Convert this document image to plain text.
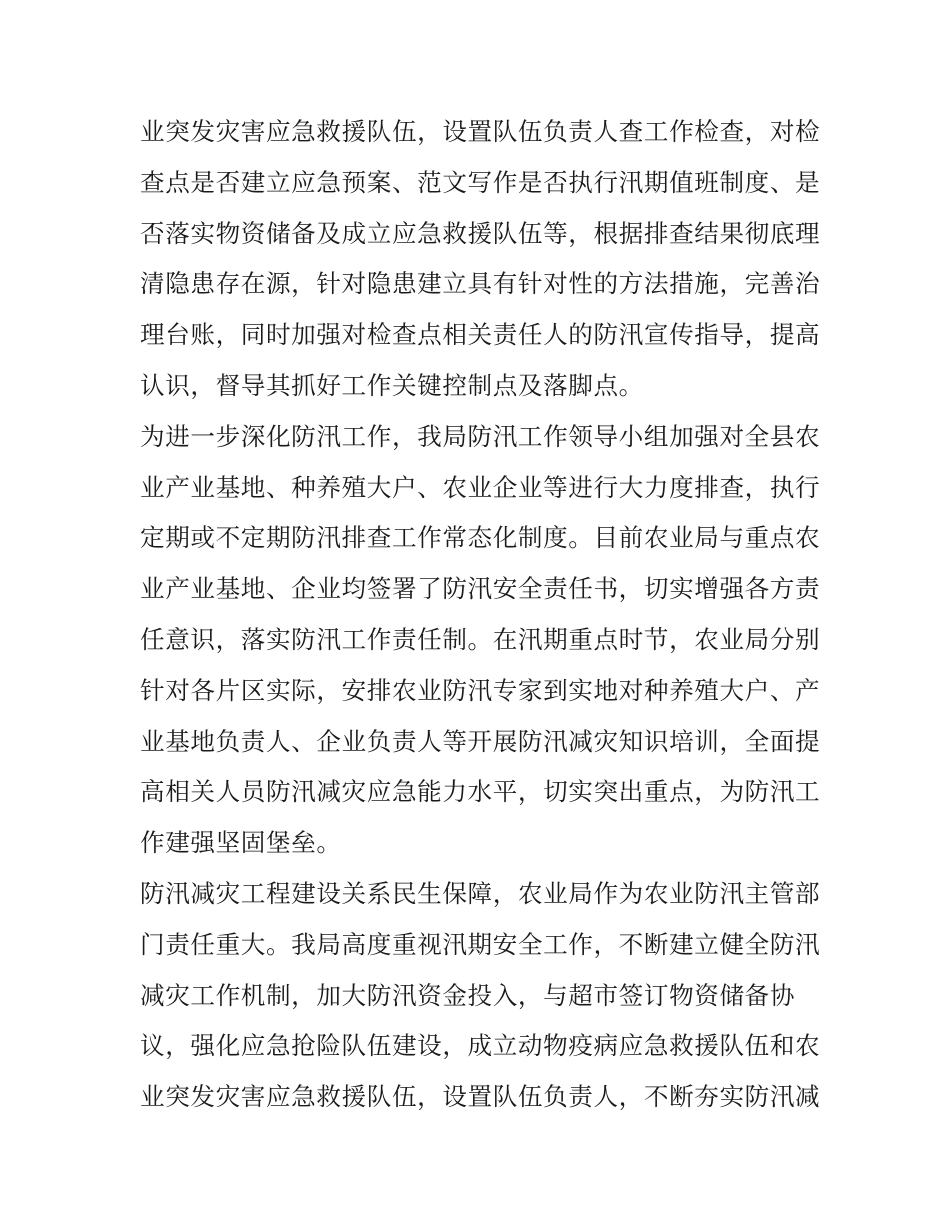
业突发灾害应急救援队伍，设置队伍负责人查工作检查，对检
查点是否建立应急预案、范文写作是否执行汛期值班制度、是
否落实物资储备及成立应急救援队伍等，根据排查结果彻底理
清隐患存在源，针对隐患建立具有针对性的方法措施，完善治
理台账，同时加强对检查点相关责任人的防汛宣传指导，提高
认识，督导其抓好工作关键控制点及落脚点。
为进一步深化防汛工作，我局防汛工作领导小组加强对全县农
业产业基地、种养殖大户、农业企业等进行大力度排查，执行
定期或不定期防汛排查工作常态化制度。目前农业局与重点农
业产业基地、企业均签署了防汛安全责任书，切实增强各方责
任意识，落实防汛工作责任制。在汛期重点时节，农业局分别
针对各片区实际，安排农业防汛专家到实地对种养殖大户、产
业基地负责人、企业负责人等开展防汛减灾知识培训，全面提
高相关人员防汛减灾应急能力水平，切实突出重点，为防汛工
作建强坚固堡垒。
防汛减灾工程建设关系民生保障，农业局作为农业防汛主管部
门责任重大。我局高度重视汛期安全工作，不断建立健全防汛
减灾工作机制，加大防汛资金投入，与超市签订物资储备协
议，强化应急抢险队伍建设，成立动物疫病应急救援队伍和农
业突发灾害应急救援队伍，设置队伍负责人，不断夯实防汛减
